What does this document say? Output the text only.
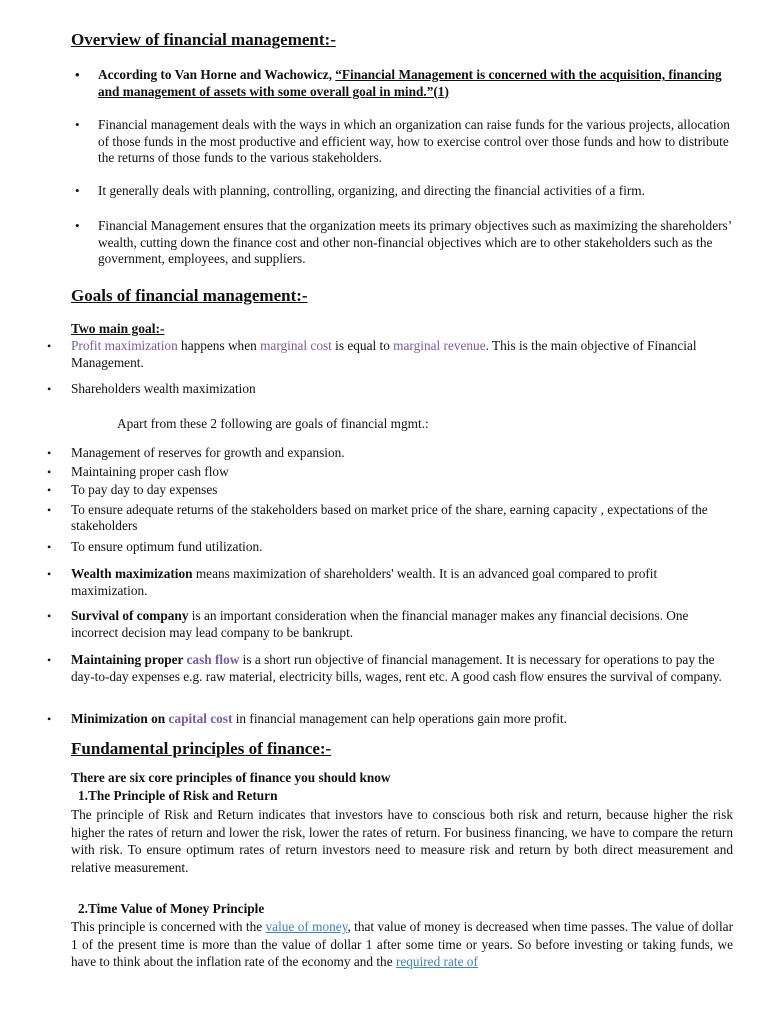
Overview of financial management:-
• According to Van Horne and Wachowicz, “Financial Management is concerned with the acquisition, financing and management of assets with some overall goal in mind.”(1)
• Financial management deals with the ways in which an organization can raise funds for the various projects, allocation of those funds in the most productive and efficient way, how to exercise control over those funds and how to distribute the returns of those funds to the various stakeholders.
• It generally deals with planning, controlling, organizing, and directing the financial activities of a firm.
• Financial Management ensures that the organization meets its primary objectives such as maximizing the shareholders’ wealth, cutting down the finance cost and other non-financial objectives which are to other stakeholders such as the government, employees, and suppliers.
Goals of financial management:-
Two main goal:-
• Profit maximization happens when marginal cost is equal to marginal revenue. This is the main objective of Financial Management.
• Shareholders wealth maximization
Apart from these 2 following are goals of financial mgmt.:
• Management of reserves for growth and expansion.
• Maintaining proper cash flow
• To pay day to day expenses
• To ensure adequate returns of the stakeholders based on market price of the share, earning capacity , expectations of the stakeholders
• To ensure optimum fund utilization.
• Wealth maximization means maximization of shareholders' wealth. It is an advanced goal compared to profit maximization.
• Survival of company is an important consideration when the financial manager makes any financial decisions. One incorrect decision may lead company to be bankrupt.
• Maintaining proper cash flow is a short run objective of financial management. It is necessary for operations to pay the day-to-day expenses e.g. raw material, electricity bills, wages, rent etc. A good cash flow ensures the survival of company.
• Minimization on capital cost in financial management can help operations gain more profit.
Fundamental principles of finance:-
There are six core principles of finance you should know
1.The Principle of Risk and Return
The principle of Risk and Return indicates that investors have to conscious both risk and return, because higher the risk higher the rates of return and lower the risk, lower the rates of return. For business financing, we have to compare the return with risk. To ensure optimum rates of return investors need to measure risk and return by both direct measurement and relative measurement.
2.Time Value of Money Principle
This principle is concerned with the value of money, that value of money is decreased when time passes. The value of dollar 1 of the present time is more than the value of dollar 1 after some time or years. So before investing or taking funds, we have to think about the inflation rate of the economy and the required rate of
